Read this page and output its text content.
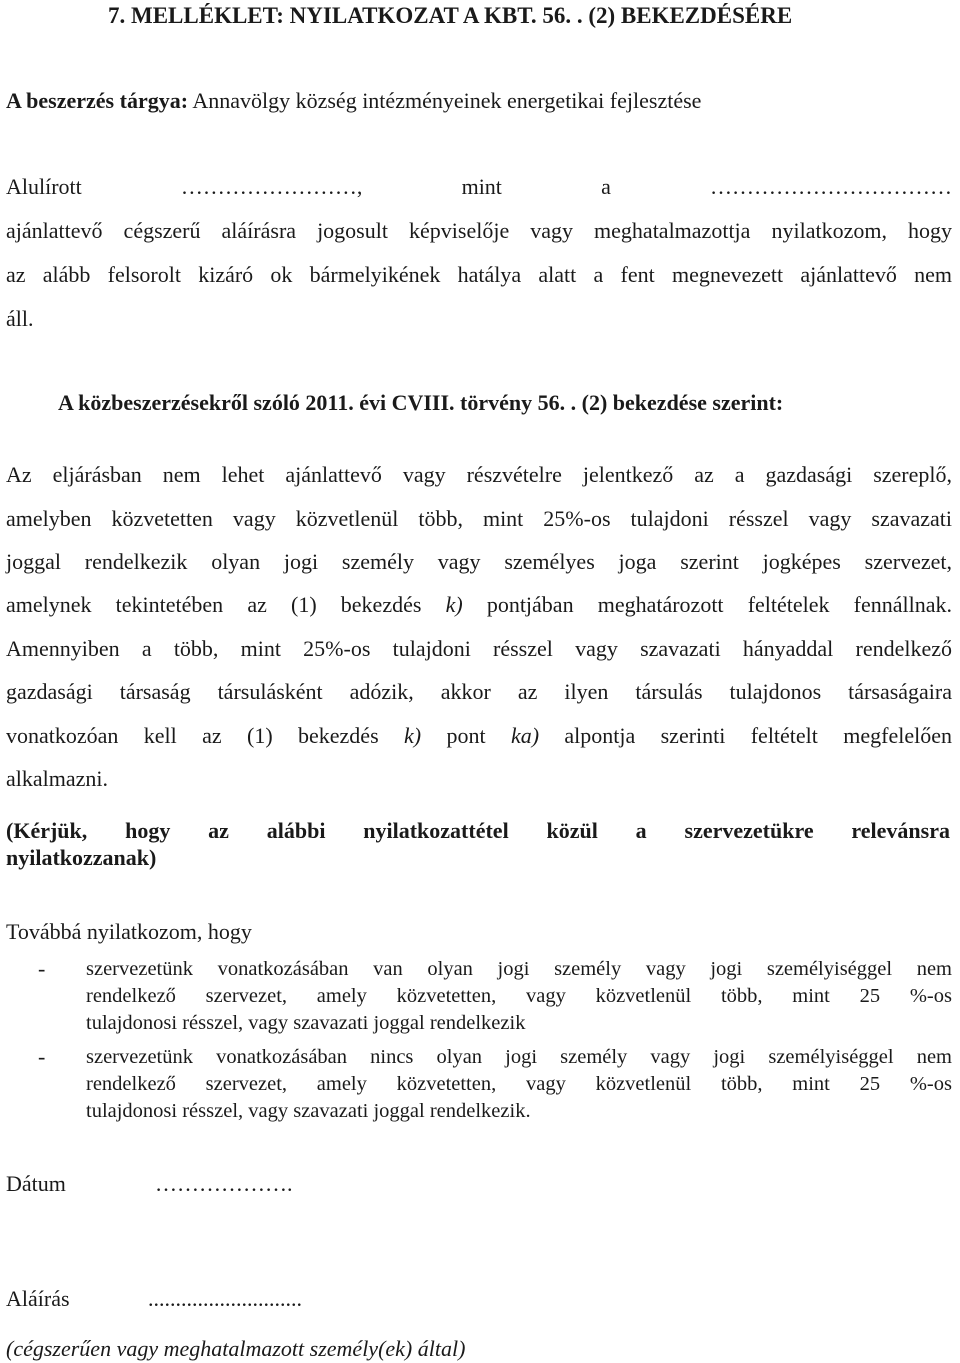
7. MELLÉKLET: NYILATKOZAT A KBT. 56. . (2) BEKEZDÉSÉRE

A beszerzés tárgya: Annavölgy község intézményeinek energetikai fejlesztése

Alulírott ……………………, mint a ……………………………

ajánlattevő cégszerű aláírásra jogosult képviselője vagy meghatalmazottja nyilatkozom, hogy

az alább felsorolt kizáró ok bármelyikének hatálya alatt a fent megnevezett ajánlattevő nem

áll.

A közbeszerzésekről szóló 2011. évi CVIII. törvény 56. . (2) bekezdése szerint:

Az eljárásban nem lehet ajánlattevő vagy részvételre jelentkező az a gazdasági szereplő,

amelyben közvetetten vagy közvetlenül több, mint 25%-os tulajdoni résszel vagy szavazati

joggal rendelkezik olyan jogi személy vagy személyes joga szerint jogképes szervezet,

amelynek tekintetében az (1) bekezdés k) pontjában meghatározott feltételek fennállnak.

Amennyiben a több, mint 25%-os tulajdoni résszel vagy szavazati hányaddal rendelkező

gazdasági társaság társulásként adózik, akkor az ilyen társulás tulajdonos társaságaira

vonatkozóan kell az (1) bekezdés k) pont ka) alpontja szerinti feltételt megfelelően

alkalmazni.

(Kérjük, hogy az alábbi nyilatkozattétel közül a szervezetükre relevánsra

nyilatkozzanak)

Továbbá nyilatkozom, hogy

- szervezetünk vonatkozásában van olyan jogi személy vagy jogi személyiséggel nem
rendelkező szervezet, amely közvetetten, vagy közvetlenül több, mint 25 %-os
tulajdonosi résszel, vagy szavazati joggal rendelkezik
- szervezetünk vonatkozásában nincs olyan jogi személy vagy jogi személyiséggel nem
rendelkező szervezet, amely közvetetten, vagy közvetlenül több, mint 25 %-os
tulajdonosi résszel, vagy szavazati joggal rendelkezik.

Dátum	……………….

Aláírás	............................

(cégszerűen vagy meghatalmazott személy(ek) által)
